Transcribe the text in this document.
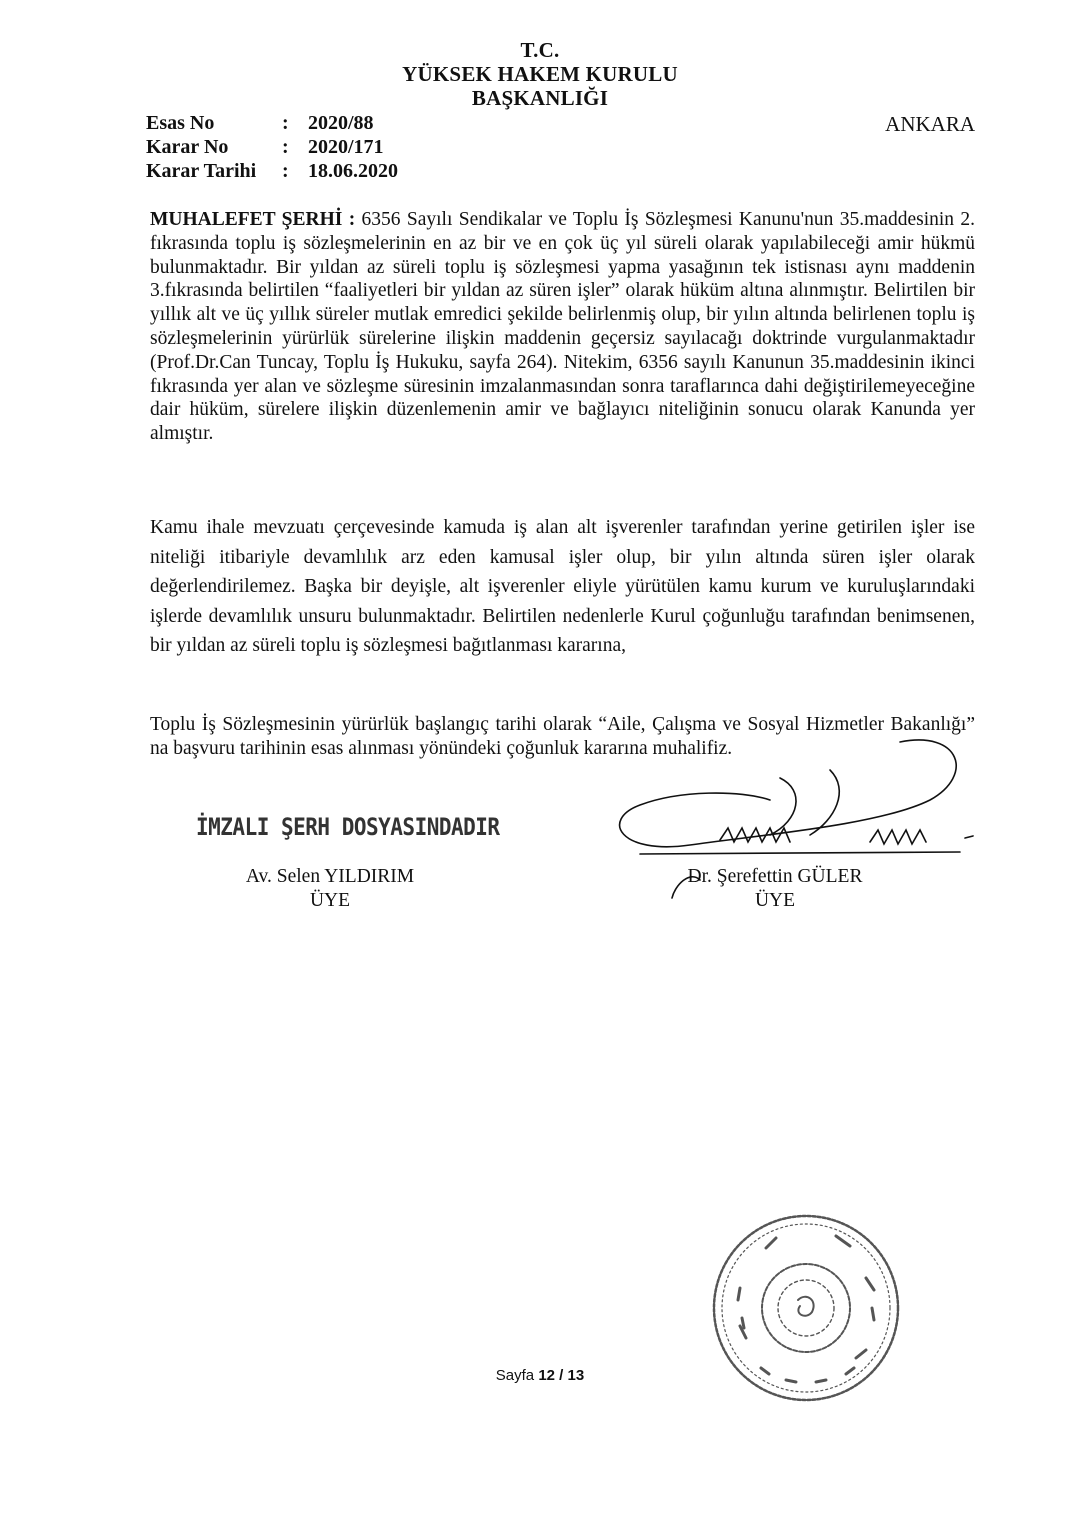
T.C.
YÜKSEK HAKEM KURULU
BAŞKANLIĞI
Esas No	: 2020/88
Karar No	: 2020/171
Karar Tarihi : 18.06.2020
ANKARA
MUHALEFET ŞERHİ : 6356 Sayılı Sendikalar ve Toplu İş Sözleşmesi Kanunu'nun 35.maddesinin 2. fıkrasında toplu iş sözleşmelerinin en az bir ve en çok üç yıl süreli olarak yapılabileceği amir hükmü bulunmaktadır. Bir yıldan az süreli toplu iş sözleşmesi yapma yasağının tek istisnası aynı maddenin 3.fıkrasında belirtilen “faaliyetleri bir yıldan az süren işler” olarak hüküm altına alınmıştır. Belirtilen bir yıllık alt ve üç yıllık süreler mutlak emredici şekilde belirlenmiş olup, bir yılın altında belirlenen toplu iş sözleşmelerinin yürürlük sürelerine ilişkin maddenin geçersiz sayılacağı doktrinde vurgulanmaktadır (Prof.Dr.Can Tuncay, Toplu İş Hukuku, sayfa 264). Nitekim, 6356 sayılı Kanunun 35.maddesinin ikinci fıkrasında yer alan ve sözleşme süresinin imzalanmasından sonra taraflarınca dahi değiştirilemeyeceğine dair hüküm, sürelere ilişkin düzenlemenin amir ve bağlayıcı niteliğinin sonucu olarak Kanunda yer almıştır.
Kamu ihale mevzuatı çerçevesinde kamuda iş alan alt işverenler tarafından yerine getirilen işler ise niteliği itibariyle devamlılık arz eden kamusal işler olup, bir yılın altında süren işler olarak değerlendirilemez. Başka bir deyişle, alt işverenler eliyle yürütülen kamu kurum ve kuruluşlarındaki işlerde devamlılık unsuru bulunmaktadır. Belirtilen nedenlerle Kurul çoğunluğu tarafından benimsenen, bir yıldan az süreli toplu iş sözleşmesi bağıtlanması kararına,
Toplu İş Sözleşmesinin yürürlük başlangıç tarihi olarak “Aile, Çalışma ve Sosyal Hizmetler Bakanlığı” na başvuru tarihinin esas alınması yönündeki çoğunluk kararına muhalifiz.
İMZALI ŞERH DOSYASINDADIR
Av. Selen YILDIRIM
ÜYE
Dr. Şerefettin GÜLER
ÜYE
Sayfa 12 / 13
